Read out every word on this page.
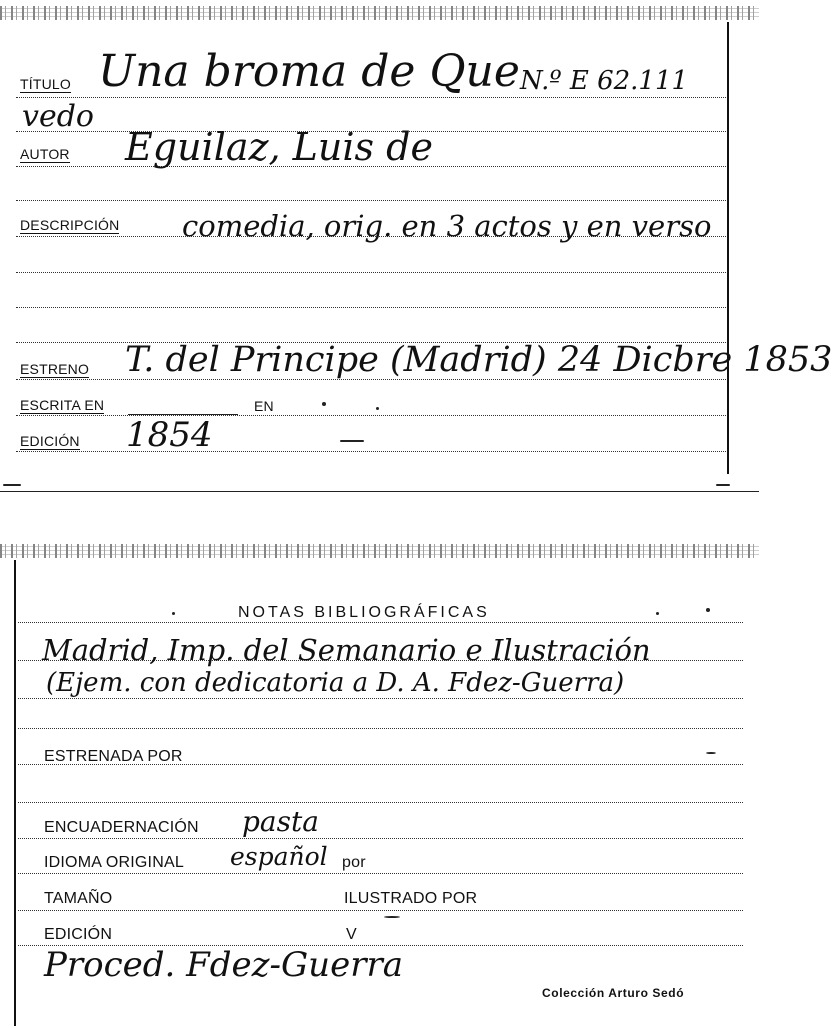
TÍTULO Una broma de Que N.º E 62.111
vedo
AUTOR Eguilaz, Luis de
DESCRIPCIÓN comedia, orig. en 3 actos y en verso
ESTRENO T. del Principe (Madrid) 24 Dicbre 1853
ESCRITA EN	EN
EDICIÓN 1854
NOTAS BIBLIOGRÁFICAS
Madrid, Imp. del Semanario e Ilustración
(Ejem. con dedicatoria a D. A. Fdez-Guerra)
ESTRENADA POR
ENCUADERNACIÓN pasta
IDIOMA ORIGINAL español por
TAMAÑO	ILUSTRADO POR
EDICIÓN	V
Proced. Fdez-Guerra
Colección Arturo Sedó
